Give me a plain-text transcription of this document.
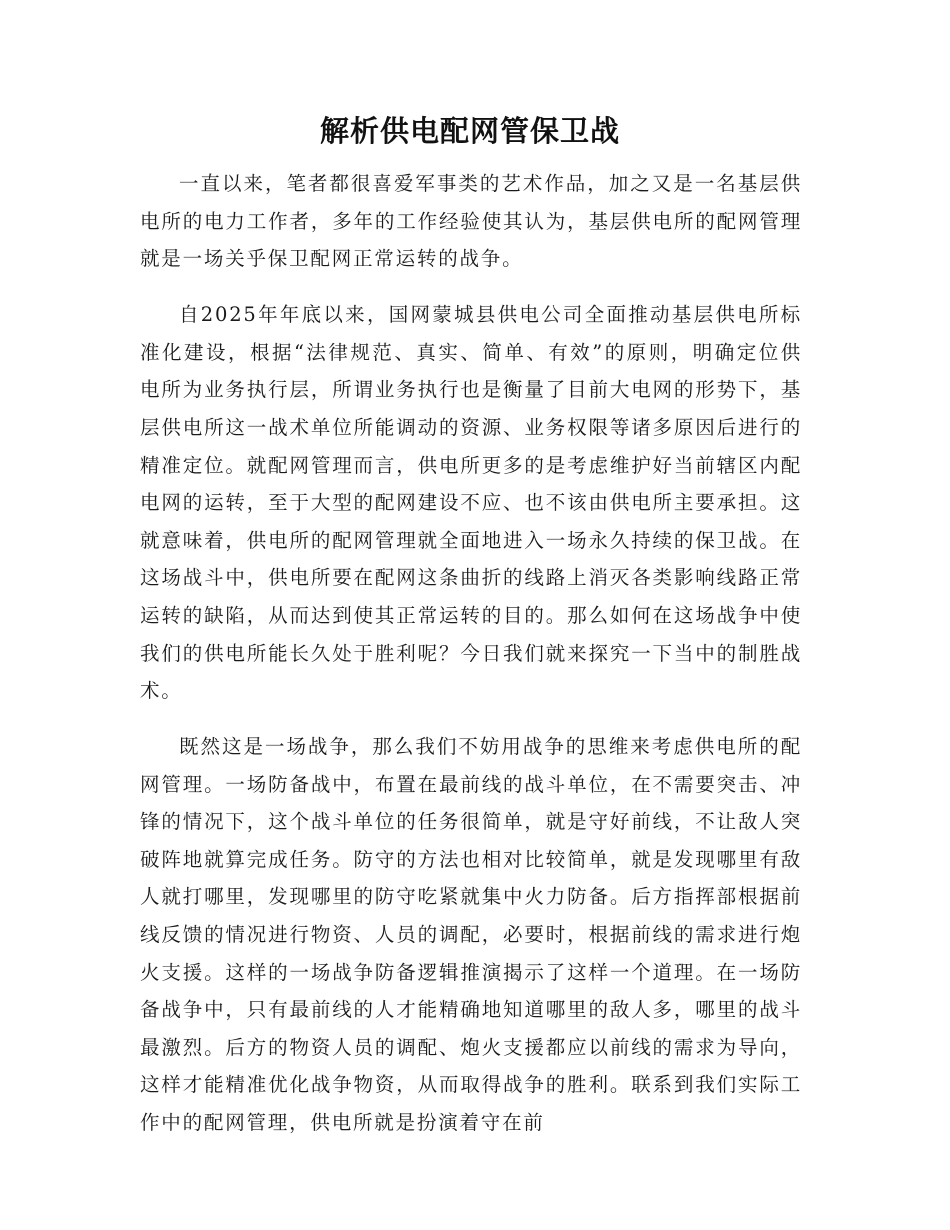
解析供电配网管保卫战

一直以来，笔者都很喜爱军事类的艺术作品，加之又是一名基层供电所的电力工作者，多年的工作经验使其认为，基层供电所的配网管理就是一场关乎保卫配网正常运转的战争。

自2025年年底以来，国网蒙城县供电公司全面推动基层供电所标准化建设，根据“法律规范、真实、简单、有效”的原则，明确定位供电所为业务执行层，所谓业务执行也是衡量了目前大电网的形势下，基层供电所这一战术单位所能调动的资源、业务权限等诸多原因后进行的精准定位。就配网管理而言，供电所更多的是考虑维护好当前辖区内配电网的运转，至于大型的配网建设不应、也不该由供电所主要承担。这就意味着，供电所的配网管理就全面地进入一场永久持续的保卫战。在这场战斗中，供电所要在配网这条曲折的线路上消灭各类影响线路正常运转的缺陷，从而达到使其正常运转的目的。那么如何在这场战争中使我们的供电所能长久处于胜利呢？今日我们就来探究一下当中的制胜战术。

既然这是一场战争，那么我们不妨用战争的思维来考虑供电所的配网管理。一场防备战中，布置在最前线的战斗单位，在不需要突击、冲锋的情况下，这个战斗单位的任务很简单，就是守好前线，不让敌人突破阵地就算完成任务。防守的方法也相对比较简单，就是发现哪里有敌人就打哪里，发现哪里的防守吃紧就集中火力防备。后方指挥部根据前线反馈的情况进行物资、人员的调配，必要时，根据前线的需求进行炮火支援。这样的一场战争防备逻辑推演揭示了这样一个道理。在一场防备战争中，只有最前线的人才能精确地知道哪里的敌人多，哪里的战斗最激烈。后方的物资人员的调配、炮火支援都应以前线的需求为导向，这样才能精准优化战争物资，从而取得战争的胜利。联系到我们实际工作中的配网管理，供电所就是扮演着守在前
